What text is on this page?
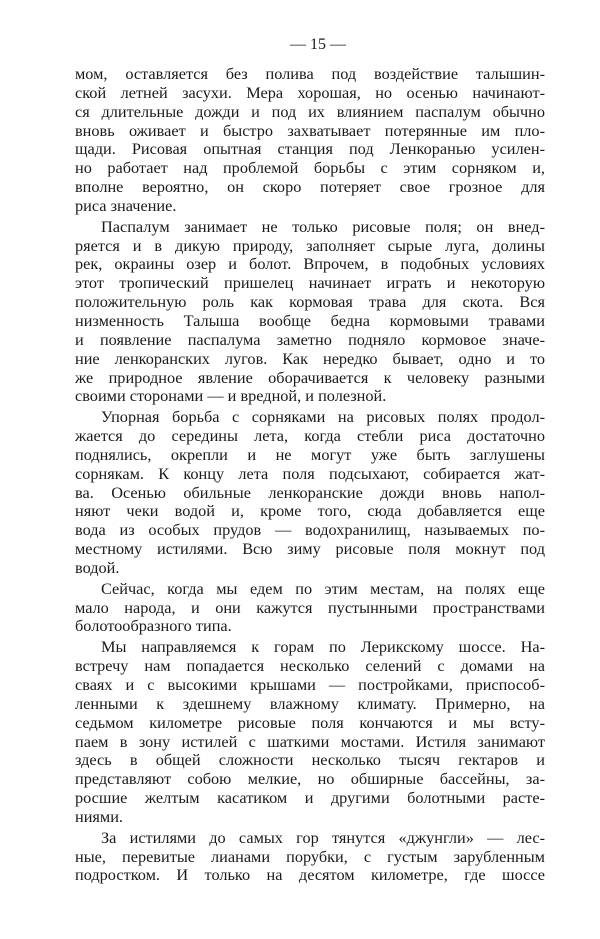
— 15 —
мом, оставляется без полива под воздействие талышин-
ской летней засухи. Мера хорошая, но осенью начинают-
ся длительные дожди и под их влиянием паспалум обычно
вновь оживает и быстро захватывает потерянные им пло-
щади. Рисовая опытная станция под Ленкоранью усилен-
но работает над проблемой борьбы с этим сорняком и,
вполне вероятно, он скоро потеряет свое грозное для
риса значение.
Паспалум занимает не только рисовые поля; он внед-
ряется и в дикую природу, заполняет сырые луга, долины
рек, окраины озер и болот. Впрочем, в подобных условиях
этот тропический пришелец начинает играть и некоторую
положительную роль как кормовая трава для скота. Вся
низменность Талыша вообще бедна кормовыми травами
и появление паспалума заметно подняло кормовое значе-
ние ленкоранских лугов. Как нередко бывает, одно и то
же природное явление оборачивается к человеку разными
своими сторонами — и вредной, и полезной.
Упорная борьба с сорняками на рисовых полях продол-
жается до середины лета, когда стебли риса достаточно
поднялись, окрепли и не могут уже быть заглушены
сорнякам. К концу лета поля подсыхают, собирается жат-
ва. Осенью обильные ленкоранские дожди вновь напол-
няют чеки водой и, кроме того, сюда добавляется еще
вода из особых прудов — водохранилищ, называемых по-
местному истилями. Всю зиму рисовые поля мокнут под
водой.
Сейчас, когда мы едем по этим местам, на полях еще
мало народа, и они кажутся пустынными пространствами
болотообразного типа.
Мы направляемся к горам по Лерикскому шоссе. На-
встречу нам попадается несколько селений с домами на
сваях и с высокими крышами — постройками, приспособ-
ленными к здешнему влажному климату. Примерно, на
седьмом километре рисовые поля кончаются и мы всту-
паем в зону истилей с шаткими мостами. Истиля занимают
здесь в общей сложности несколько тысяч гектаров и
представляют собою мелкие, но обширные бассейны, за-
росшие желтым касатиком и другими болотными расте-
ниями.
За истилями до самых гор тянутся «джунгли» — лес-
ные, перевитые лианами порубки, с густым зарубленным
подростком. И только на десятом километре, где шоссе
